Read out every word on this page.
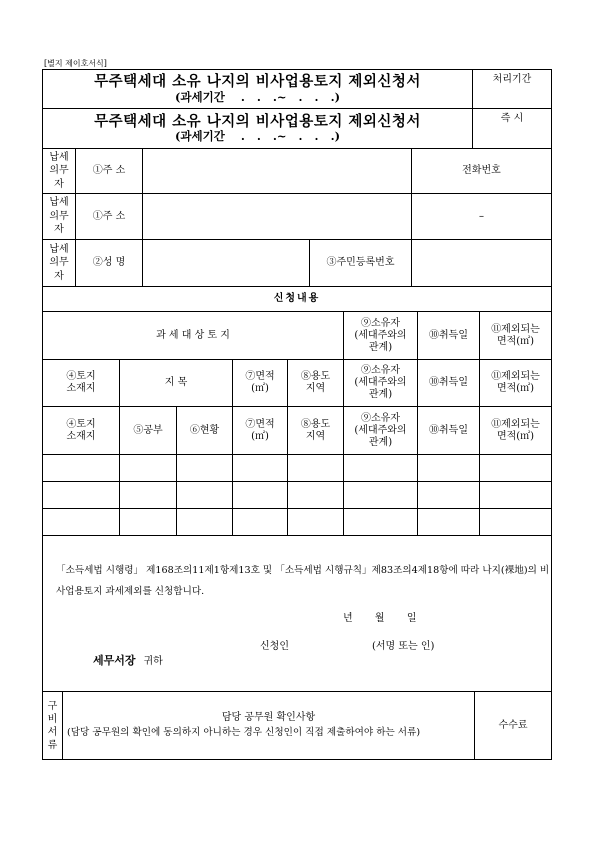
[별지 제이호서식]
무주택세대 소유 나지의 비사업용토지 제외신청서
(과세기간    .   .   .~   .   .   .)	처리기간

무주택세대 소유 나지의 비사업용토지 제외신청서
(과세기간    .   .   .~   .   .   .)	즉 시
납세
의무
자	①주 소			전화번호
납세
의무
자	①주 소			–
납세
의무
자	②성 명		③주민등록번호	
신청내용							
과 세 대 상 토 지					⑨소유자
(세대주와의
관계)	⑩취득일	⑪제외되는
면적(㎡)
④토지
소재지	지 목		⑦면적
(㎡)	⑧용도
지역	⑨소유자
(세대주와의
관계)	⑩취득일	⑪제외되는
면적(㎡)
④토지
소재지	⑤공부	⑥현황	⑦면적
(㎡)	⑧용도
지역	⑨소유자
(세대주와의
관계)	⑩취득일	⑪제외되는
면적(㎡)

「소득세법 시행령」 제168조의11제1항제13호 및 「소득세법 시행규칙」제83조의4제18항에 따라 나지(裸地)의 비사업용토지 과세제외를 신청합니다.
년       월       일
신청인	(서명 또는 인)
세무서장 귀하
구
비
서
류	
담당 공무원 확인사항
(담당 공무원의 확인에 동의하지 아니하는 경우 신청인이 직접 제출하여야 하는 서류)
	수수료
